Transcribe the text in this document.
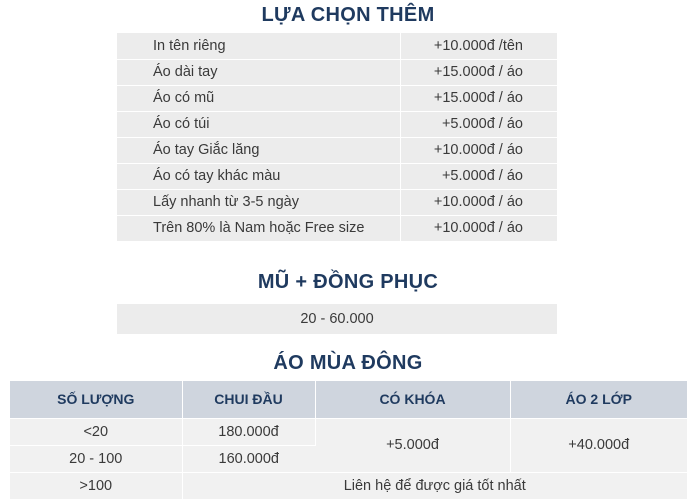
LỰA CHỌN THÊM
In tên riêng	+10.000đ /tên
Áo dài tay	+15.000đ / áo
Áo có mũ	+15.000đ / áo
Áo có túi	+5.000đ / áo
Áo tay Giắc lăng	+10.000đ / áo
Áo có tay khác màu	+5.000đ / áo
Lấy nhanh từ 3-5 ngày	+10.000đ / áo
Trên 80% là Nam hoặc Free size	+10.000đ / áo
MŨ + ĐỒNG PHỤC
20 - 60.000
ÁO MÙA ĐÔNG
SỐ LƯỢNG	CHUI ĐẦU	CÓ KHÓA	ÁO 2 LỚP
<20	180.000đ	+5.000đ	+40.000đ
20 - 100	160.000đ		
>100	Liên hệ để được giá tốt nhất		
